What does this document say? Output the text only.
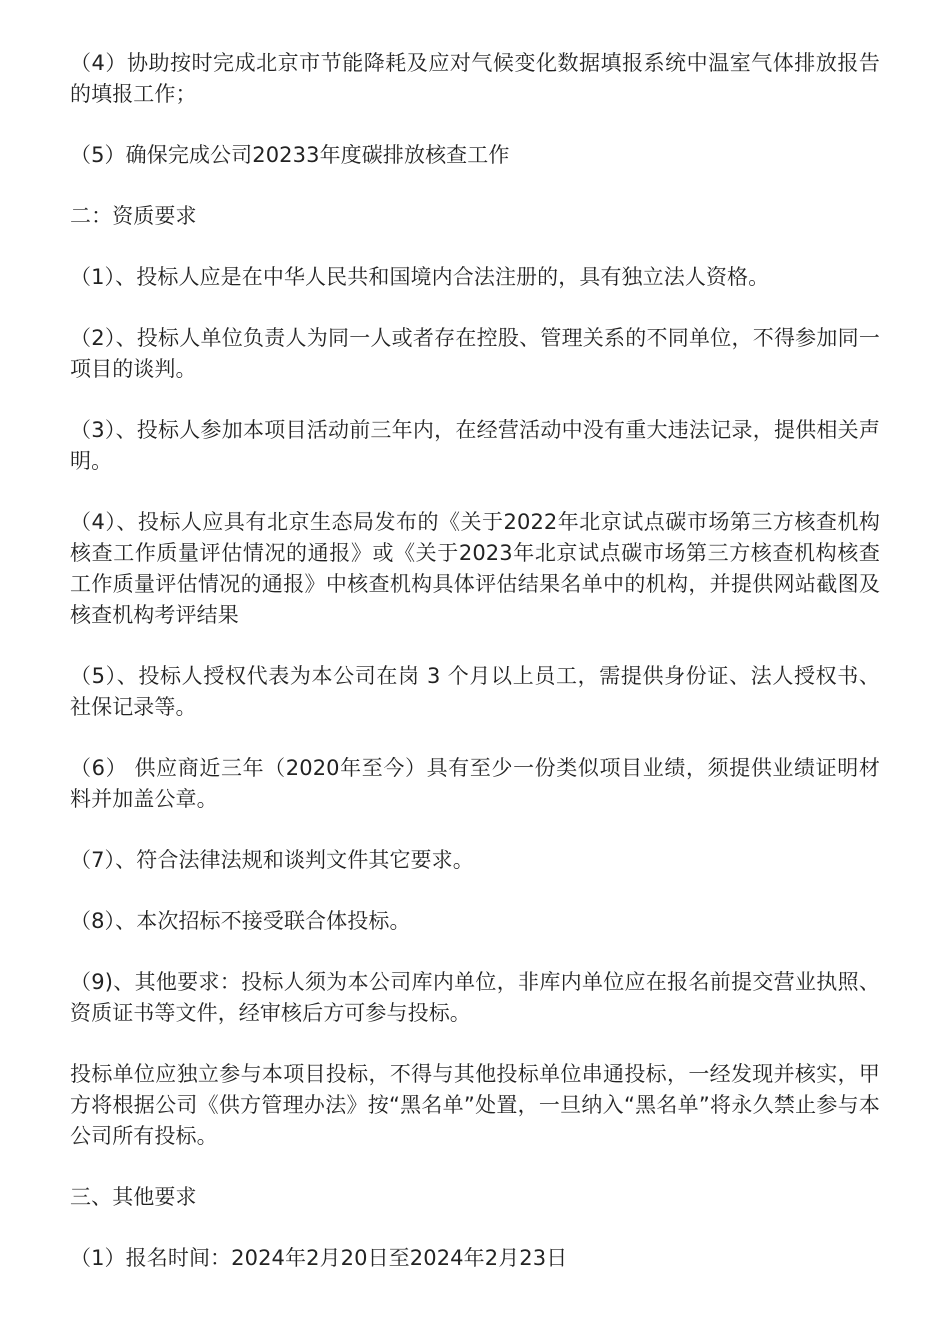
（4）协助按时完成北京市节能降耗及应对气候变化数据填报系统中温室气体排放报告的填报工作；

（5）确保完成公司20233年度碳排放核查工作

二：资质要求

（1）、投标人应是在中华人民共和国境内合法注册的，具有独立法人资格。

（2）、投标人单位负责人为同一人或者存在控股、管理关系的不同单位，不得参加同一项目的谈判。

（3）、投标人参加本项目活动前三年内，在经营活动中没有重大违法记录，提供相关声明。

（4）、投标人应具有北京生态局发布的《关于2022年北京试点碳市场第三方核查机构核查工作质量评估情况的通报》或《关于2023年北京试点碳市场第三方核查机构核查工作质量评估情况的通报》中核查机构具体评估结果名单中的机构，并提供网站截图及核查机构考评结果

（5）、投标人授权代表为本公司在岗 3 个月以上员工，需提供身份证、法人授权书、社保记录等。

（6） 供应商近三年（2020年至今）具有至少一份类似项目业绩，须提供业绩证明材料并加盖公章。

（7）、符合法律法规和谈判文件其它要求。

（8）、本次招标不接受联合体投标。

（9)、其他要求：投标人须为本公司库内单位，非库内单位应在报名前提交营业执照、资质证书等文件，经审核后方可参与投标。

投标单位应独立参与本项目投标，不得与其他投标单位串通投标，一经发现并核实，甲方将根据公司《供方管理办法》按“黑名单”处置，一旦纳入“黑名单”将永久禁止参与本公司所有投标。

三、其他要求

（1）报名时间：2024年2月20日至2024年2月23日
